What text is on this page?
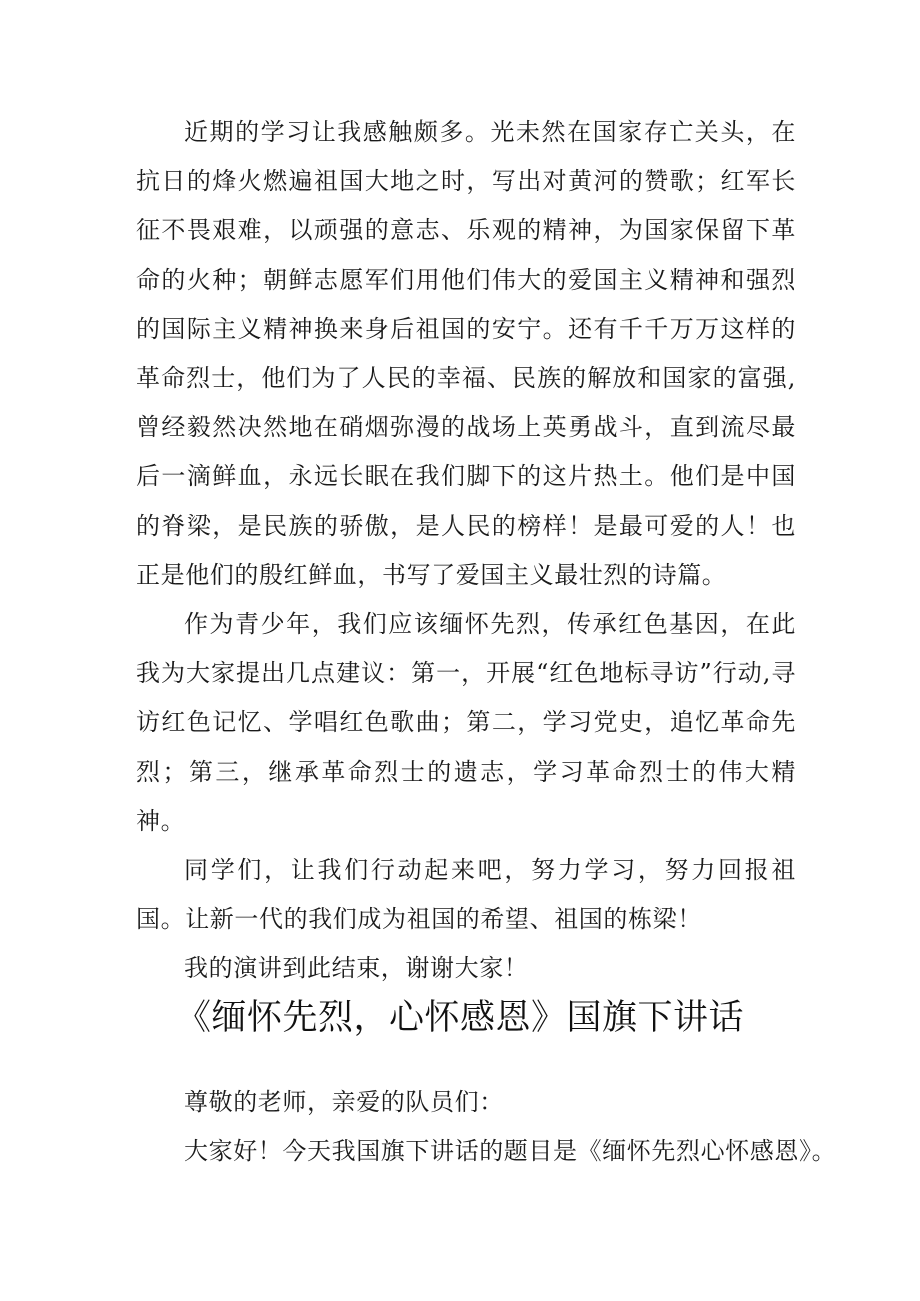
近期的学习让我感触颇多。光未然在国家存亡关头，在抗日的烽火燃遍祖国大地之时，写出对黄河的赞歌；红军长征不畏艰难，以顽强的意志、乐观的精神，为国家保留下革命的火种；朝鲜志愿军们用他们伟大的爱国主义精神和强烈的国际主义精神换来身后祖国的安宁。还有千千万万这样的革命烈士，他们为了人民的幸福、民族的解放和国家的富强,曾经毅然决然地在硝烟弥漫的战场上英勇战斗，直到流尽最后一滴鲜血，永远长眠在我们脚下的这片热土。他们是中国的脊梁，是民族的骄傲，是人民的榜样！是最可爱的人！也正是他们的殷红鲜血，书写了爱国主义最壮烈的诗篇。

作为青少年，我们应该缅怀先烈，传承红色基因，在此我为大家提出几点建议：第一，开展“红色地标寻访”行动,寻访红色记忆、学唱红色歌曲；第二，学习党史，追忆革命先烈；第三，继承革命烈士的遗志，学习革命烈士的伟大精神。

同学们，让我们行动起来吧，努力学习，努力回报祖国。让新一代的我们成为祖国的希望、祖国的栋梁！

我的演讲到此结束，谢谢大家！

《缅怀先烈，心怀感恩》国旗下讲话

尊敬的老师，亲爱的队员们：

大家好！今天我国旗下讲话的题目是《缅怀先烈心怀感恩》。
